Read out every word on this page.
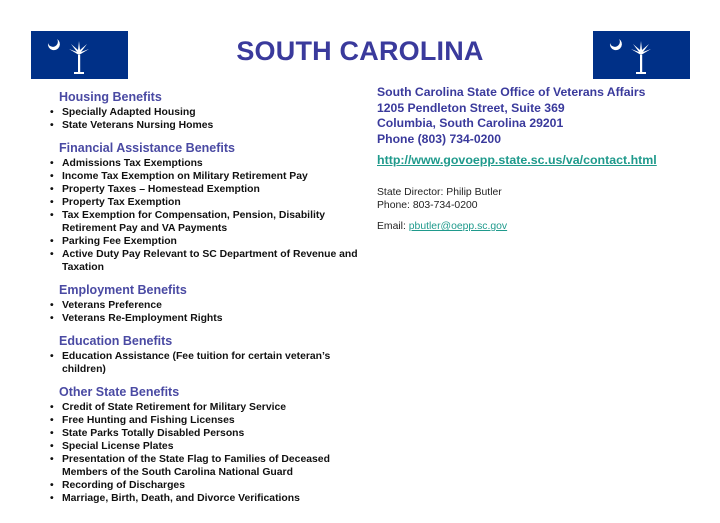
SOUTH CAROLINA
Housing Benefits
• Specially Adapted Housing
• State Veterans Nursing Homes
Financial Assistance Benefits
• Admissions Tax Exemptions
• Income Tax Exemption on Military Retirement Pay
• Property Taxes – Homestead Exemption
• Property Tax Exemption
• Tax Exemption for Compensation, Pension, Disability Retirement Pay and VA Payments
• Parking Fee Exemption
• Active Duty Pay Relevant to SC Department of Revenue and Taxation
Employment Benefits
• Veterans Preference
• Veterans Re-Employment Rights
Education Benefits
• Education Assistance (Fee tuition for certain veteran’s children)
Other State Benefits
• Credit of State Retirement for Military Service
• Free Hunting and Fishing Licenses
• State Parks Totally Disabled Persons
• Special License Plates
• Presentation of the State Flag to Families of Deceased Members of the South Carolina National Guard
• Recording of Discharges
• Marriage, Birth, Death, and Divorce Verifications
South Carolina State Office of Veterans Affairs
1205 Pendleton Street, Suite 369
Columbia, South Carolina 29201
Phone (803) 734-0200
http://www.govoepp.state.sc.us/va/contact.html
State Director: Philip Butler
Phone: 803-734-0200
Email: pbutler@oepp.sc.gov
